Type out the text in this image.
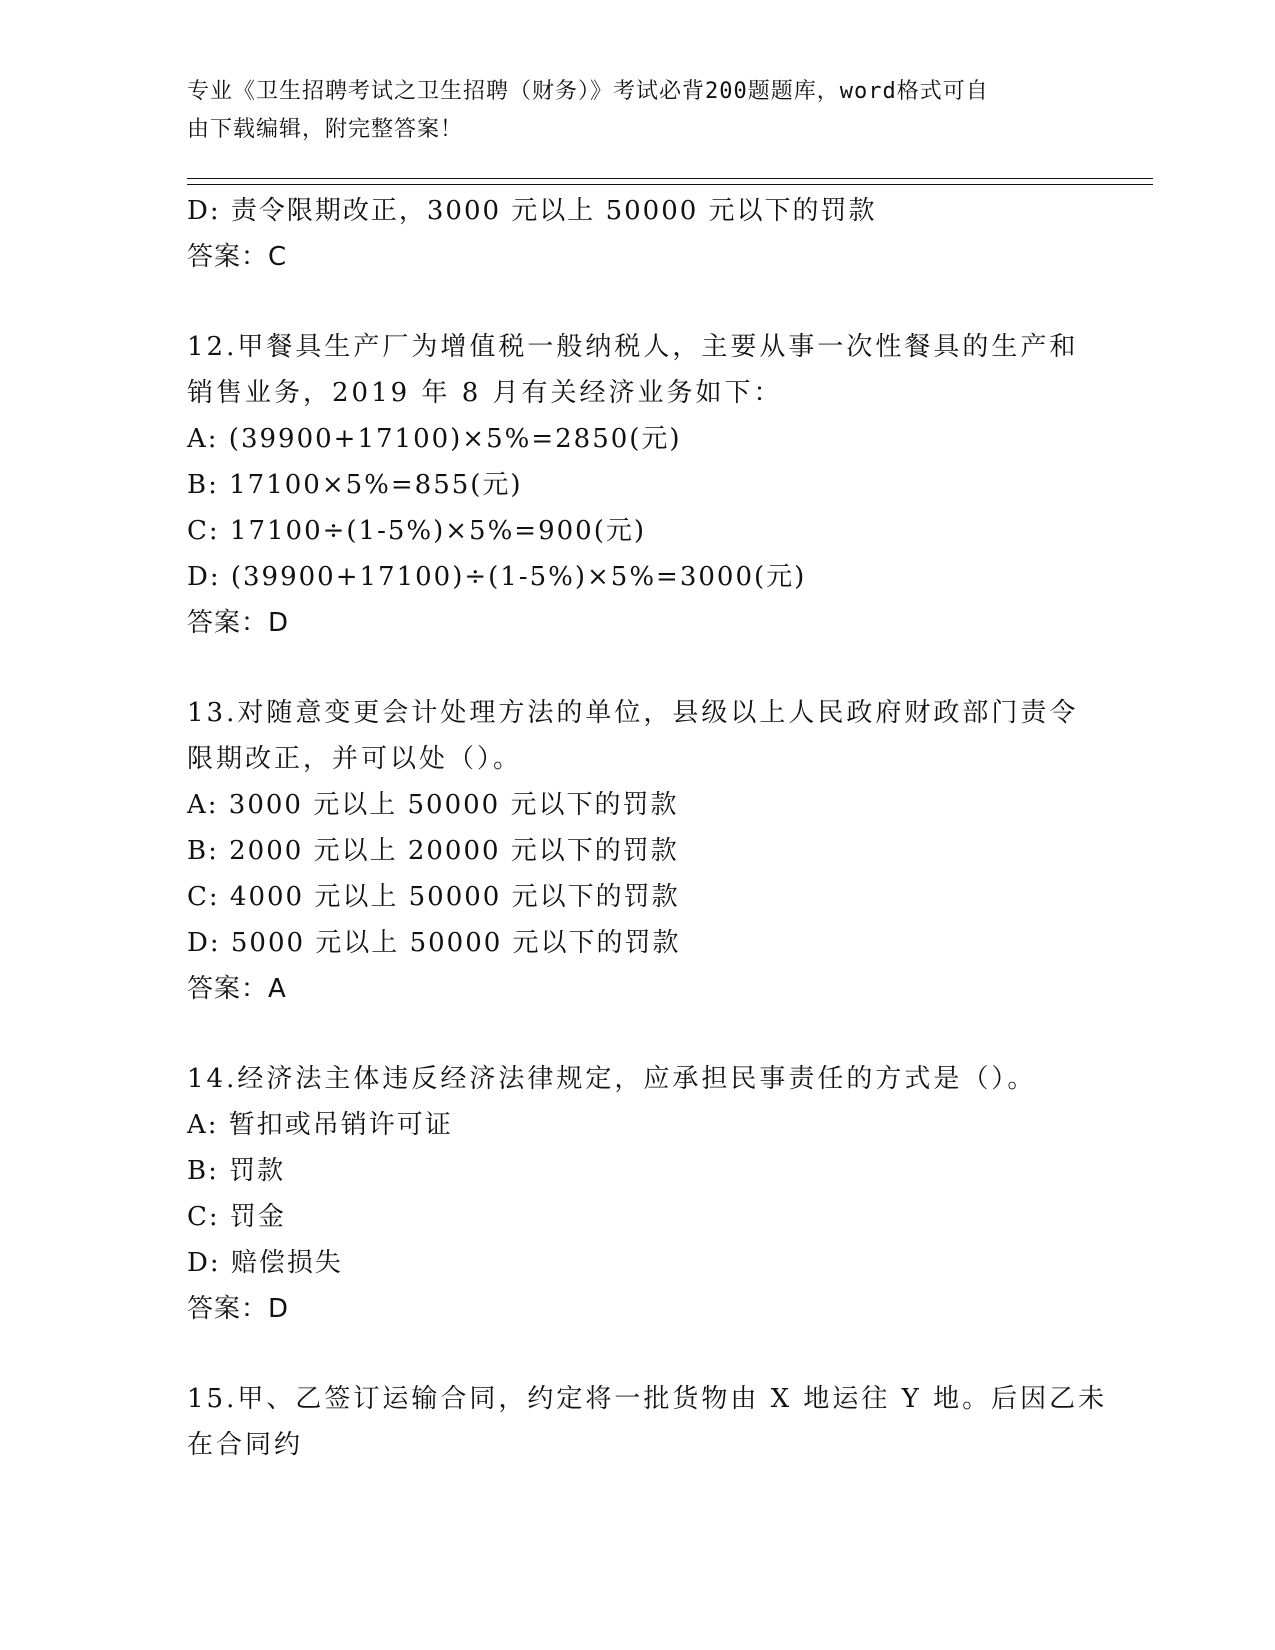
专业《卫生招聘考试之卫生招聘（财务）》考试必背200题题库，word格式可自
由下载编辑，附完整答案！
D: 责令限期改正，3000 元以上 50000 元以下的罚款
答案：C
12.甲餐具生产厂为增值税一般纳税人，主要从事一次性餐具的生产和
销售业务，2019 年 8 月有关经济业务如下：
A: (39900+17100)×5%=2850(元)
B: 17100×5%=855(元)
C: 17100÷(1-5%)×5%=900(元)
D: (39900+17100)÷(1-5%)×5%=3000(元)
答案：D
13.对随意变更会计处理方法的单位，县级以上人民政府财政部门责令
限期改正，并可以处（）。
A: 3000 元以上 50000 元以下的罚款
B: 2000 元以上 20000 元以下的罚款
C: 4000 元以上 50000 元以下的罚款
D: 5000 元以上 50000 元以下的罚款
答案：A
14.经济法主体违反经济法律规定，应承担民事责任的方式是（）。
A: 暂扣或吊销许可证
B: 罚款
C: 罚金
D: 赔偿损失
答案：D
15.甲、乙签订运输合同，约定将一批货物由 X 地运往 Y 地。后因乙未
在合同约
